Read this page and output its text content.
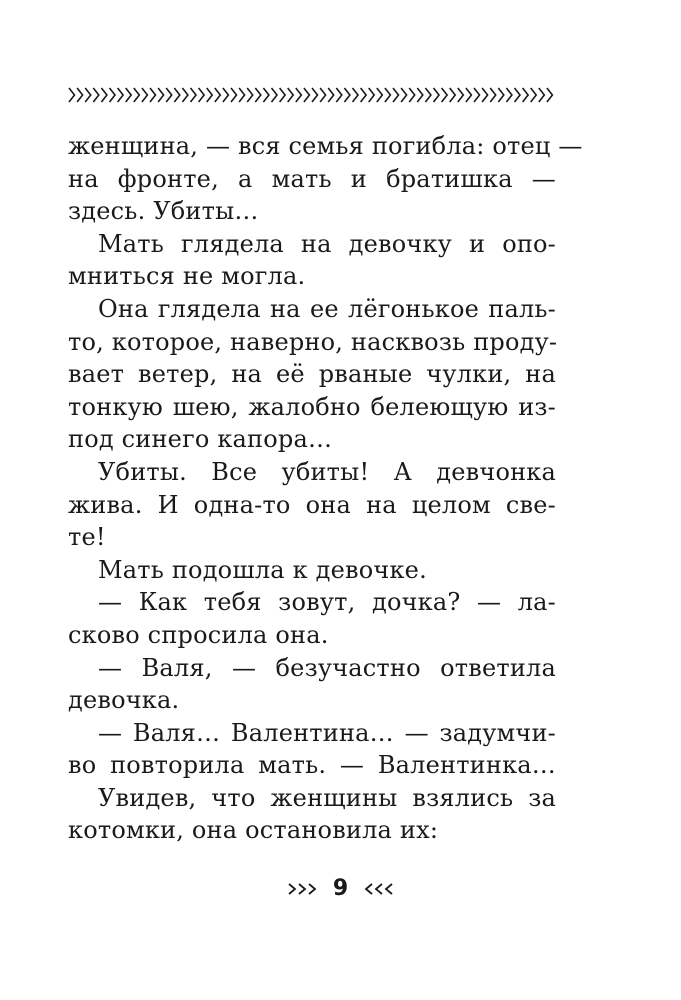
женщина, — вся семья погибла: отец —
на фронте, а мать и братишка —
здесь. Убиты…
Мать глядела на девочку и опо-
мниться не могла.
Она глядела на ее лёгонькое паль-
то, которое, наверно, насквозь проду-
вает ветер, на её рваные чулки, на
тонкую шею, жалобно белеющую из-
под синего капора…
Убиты. Все убиты! А девчонка
жива. И одна-то она на целом све-
те!
Мать подошла к девочке.
— Как тебя зовут, дочка? — ла-
сково спросила она.
— Валя, — безучастно ответила
девочка.
— Валя… Валентина… — задумчи-
во повторила мать. — Валентинка…
Увидев, что женщины взялись за
котомки, она остановила их:
9
